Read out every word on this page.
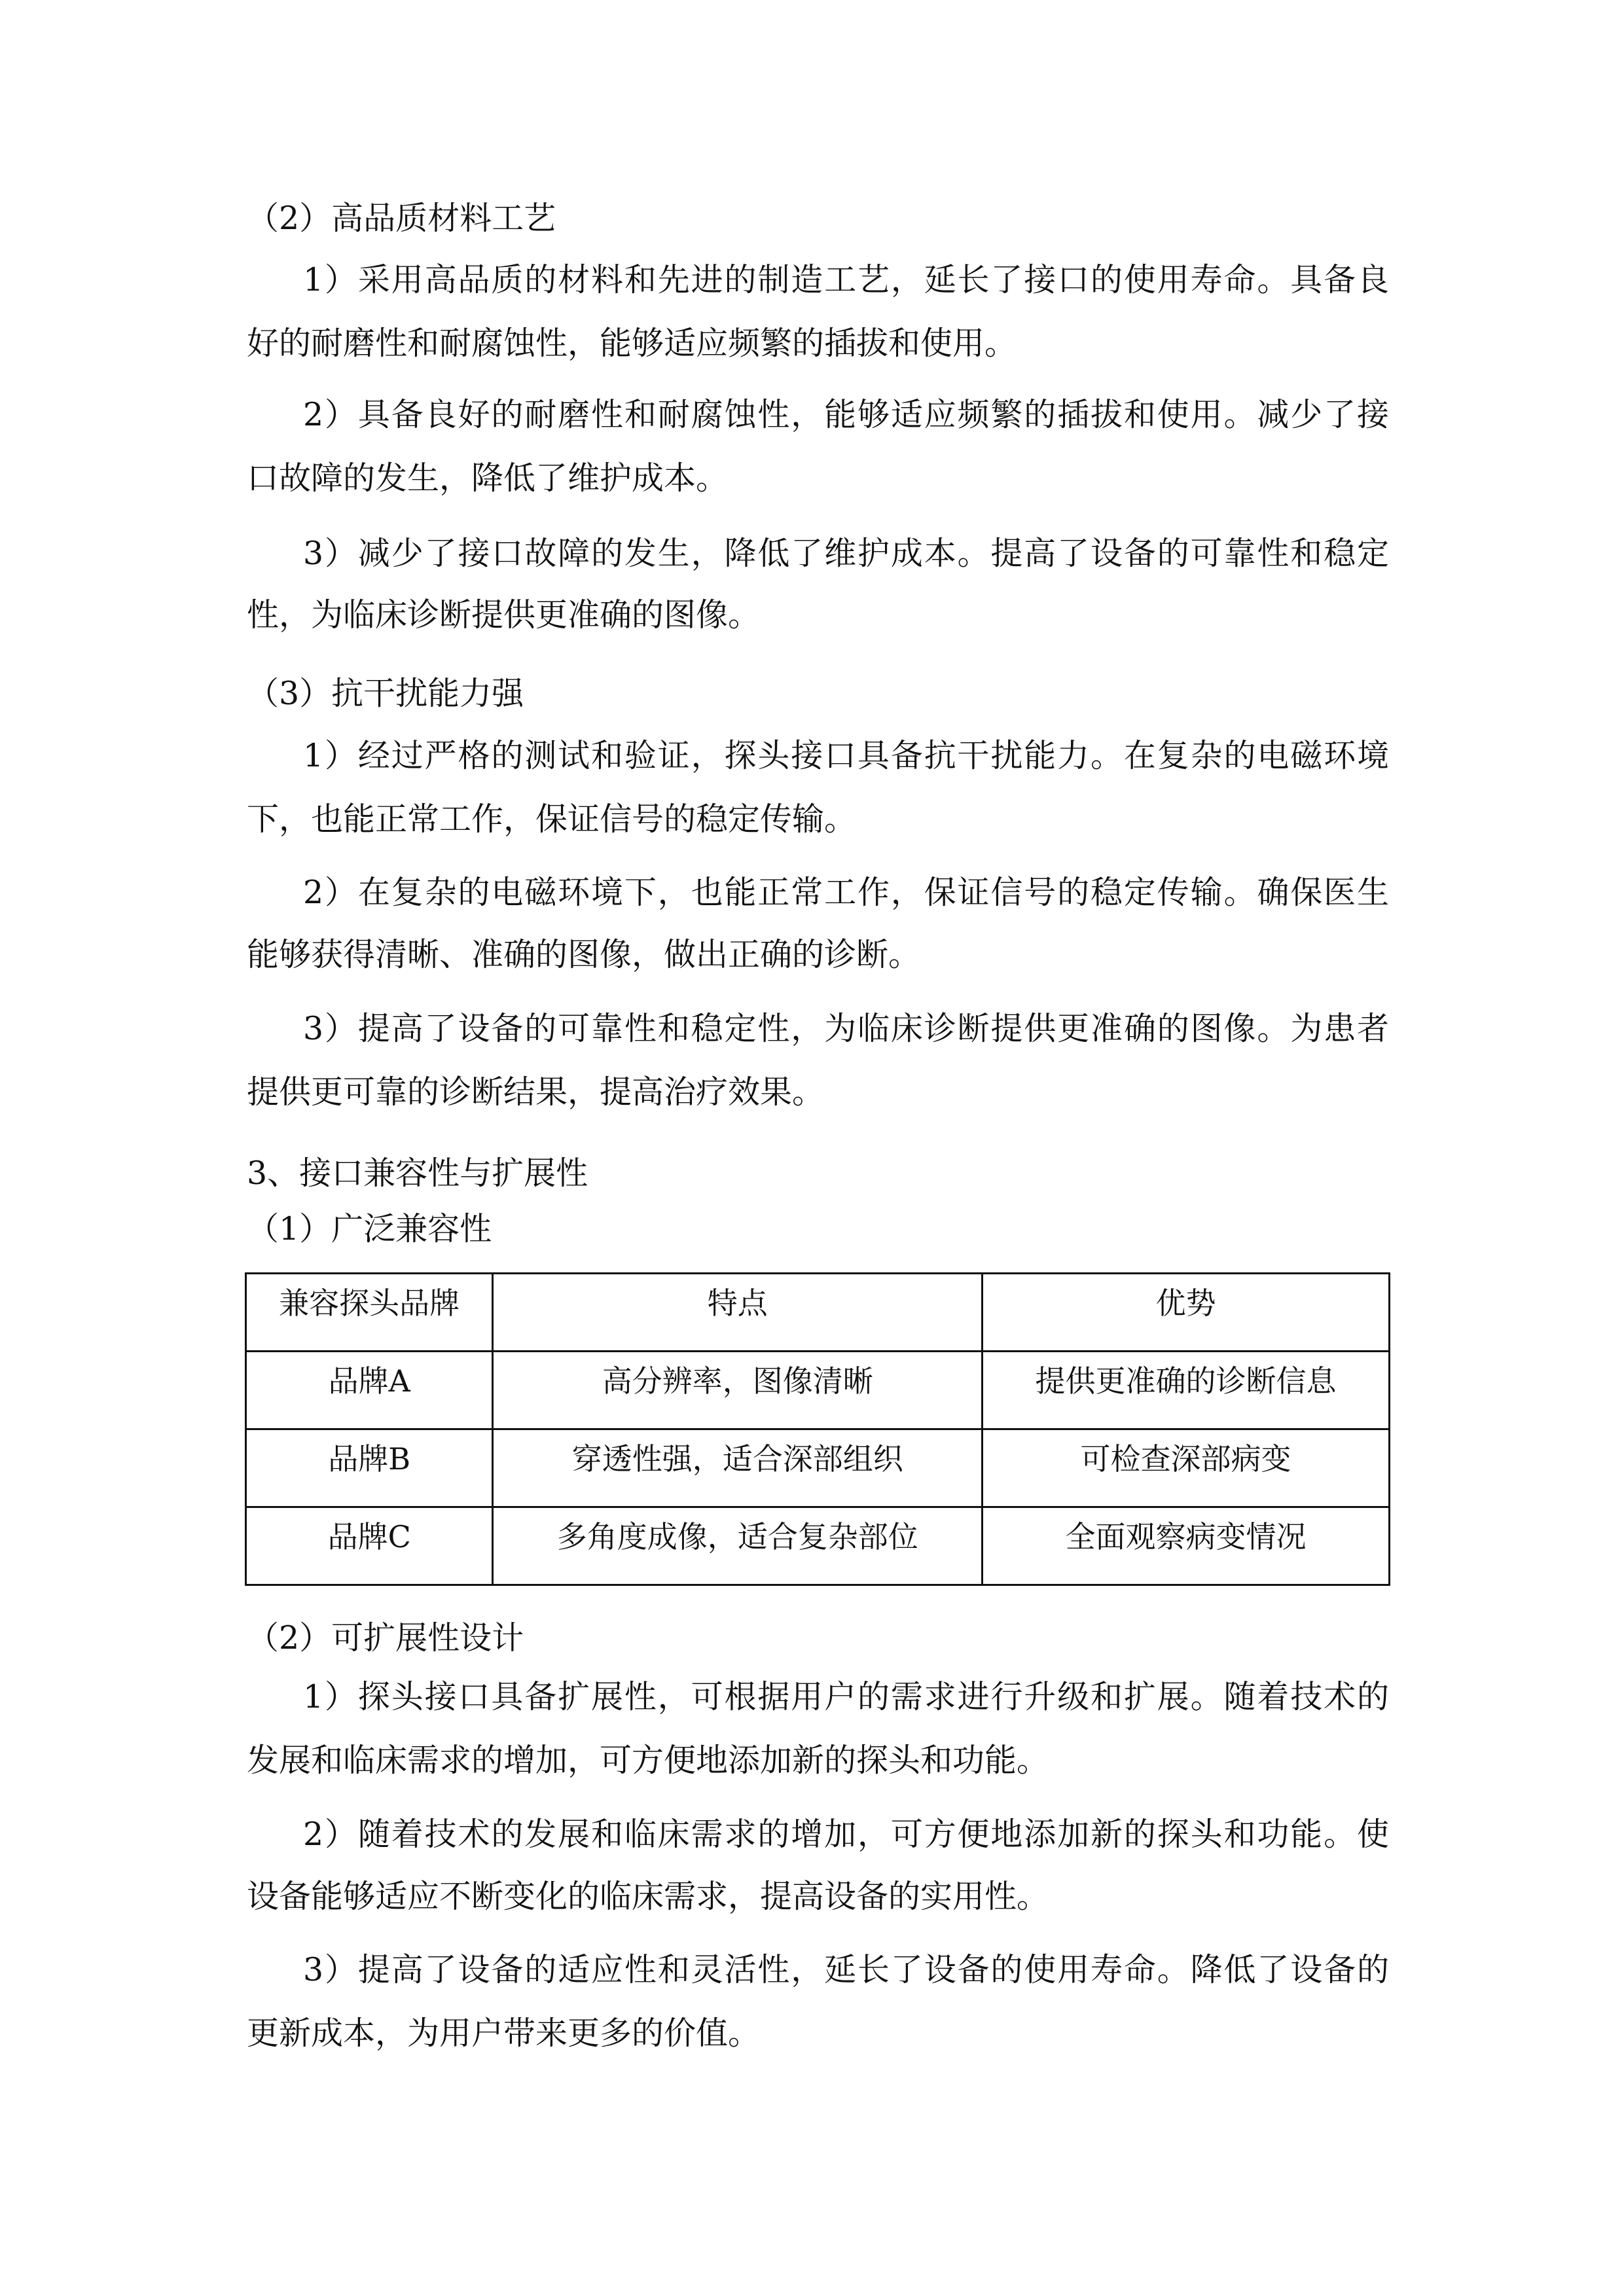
（2）高品质材料工艺
1）采用高品质的材料和先进的制造工艺，延长了接口的使用寿命。具备良
好的耐磨性和耐腐蚀性，能够适应频繁的插拔和使用。
2）具备良好的耐磨性和耐腐蚀性，能够适应频繁的插拔和使用。减少了接
口故障的发生，降低了维护成本。
3）减少了接口故障的发生，降低了维护成本。提高了设备的可靠性和稳定
性，为临床诊断提供更准确的图像。
（3）抗干扰能力强
1）经过严格的测试和验证，探头接口具备抗干扰能力。在复杂的电磁环境
下，也能正常工作，保证信号的稳定传输。
2）在复杂的电磁环境下，也能正常工作，保证信号的稳定传输。确保医生
能够获得清晰、准确的图像，做出正确的诊断。
3）提高了设备的可靠性和稳定性，为临床诊断提供更准确的图像。为患者
提供更可靠的诊断结果，提高治疗效果。
3、接口兼容性与扩展性
（1）广泛兼容性
兼容探头品牌	特点	优势
品牌A	高分辨率，图像清晰	提供更准确的诊断信息
品牌B	穿透性强，适合深部组织	可检查深部病变
品牌C	多角度成像，适合复杂部位	全面观察病变情况
（2）可扩展性设计
1）探头接口具备扩展性，可根据用户的需求进行升级和扩展。随着技术的
发展和临床需求的增加，可方便地添加新的探头和功能。
2）随着技术的发展和临床需求的增加，可方便地添加新的探头和功能。使
设备能够适应不断变化的临床需求，提高设备的实用性。
3）提高了设备的适应性和灵活性，延长了设备的使用寿命。降低了设备的
更新成本，为用户带来更多的价值。
